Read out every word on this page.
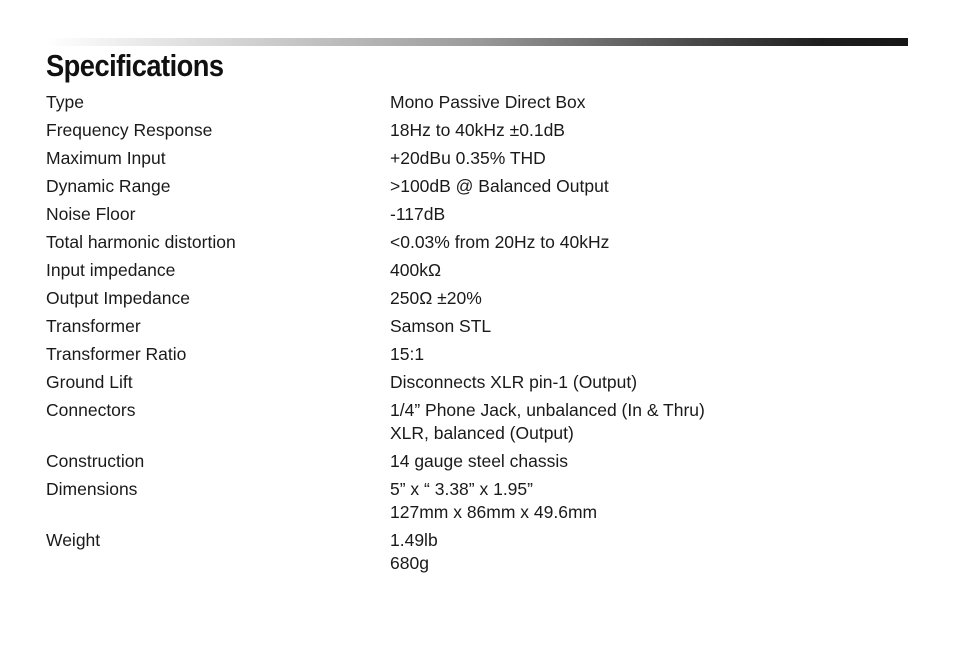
Specifications
Type	Mono Passive Direct Box
Frequency Response	18Hz to 40kHz ±0.1dB
Maximum Input	+20dBu 0.35% THD
Dynamic Range	>100dB @ Balanced Output
Noise Floor	-117dB
Total harmonic distortion	<0.03% from 20Hz to 40kHz
Input impedance	400kΩ
Output Impedance	250Ω ±20%
Transformer	Samson STL
Transformer Ratio	15:1
Ground Lift	Disconnects XLR pin-1 (Output)
Connectors	1/4” Phone Jack, unbalanced (In & Thru)
XLR, balanced (Output)
Construction	14 gauge steel chassis
Dimensions	5” x “ 3.38” x 1.95”
127mm x 86mm x 49.6mm
Weight	1.49lb
680g
